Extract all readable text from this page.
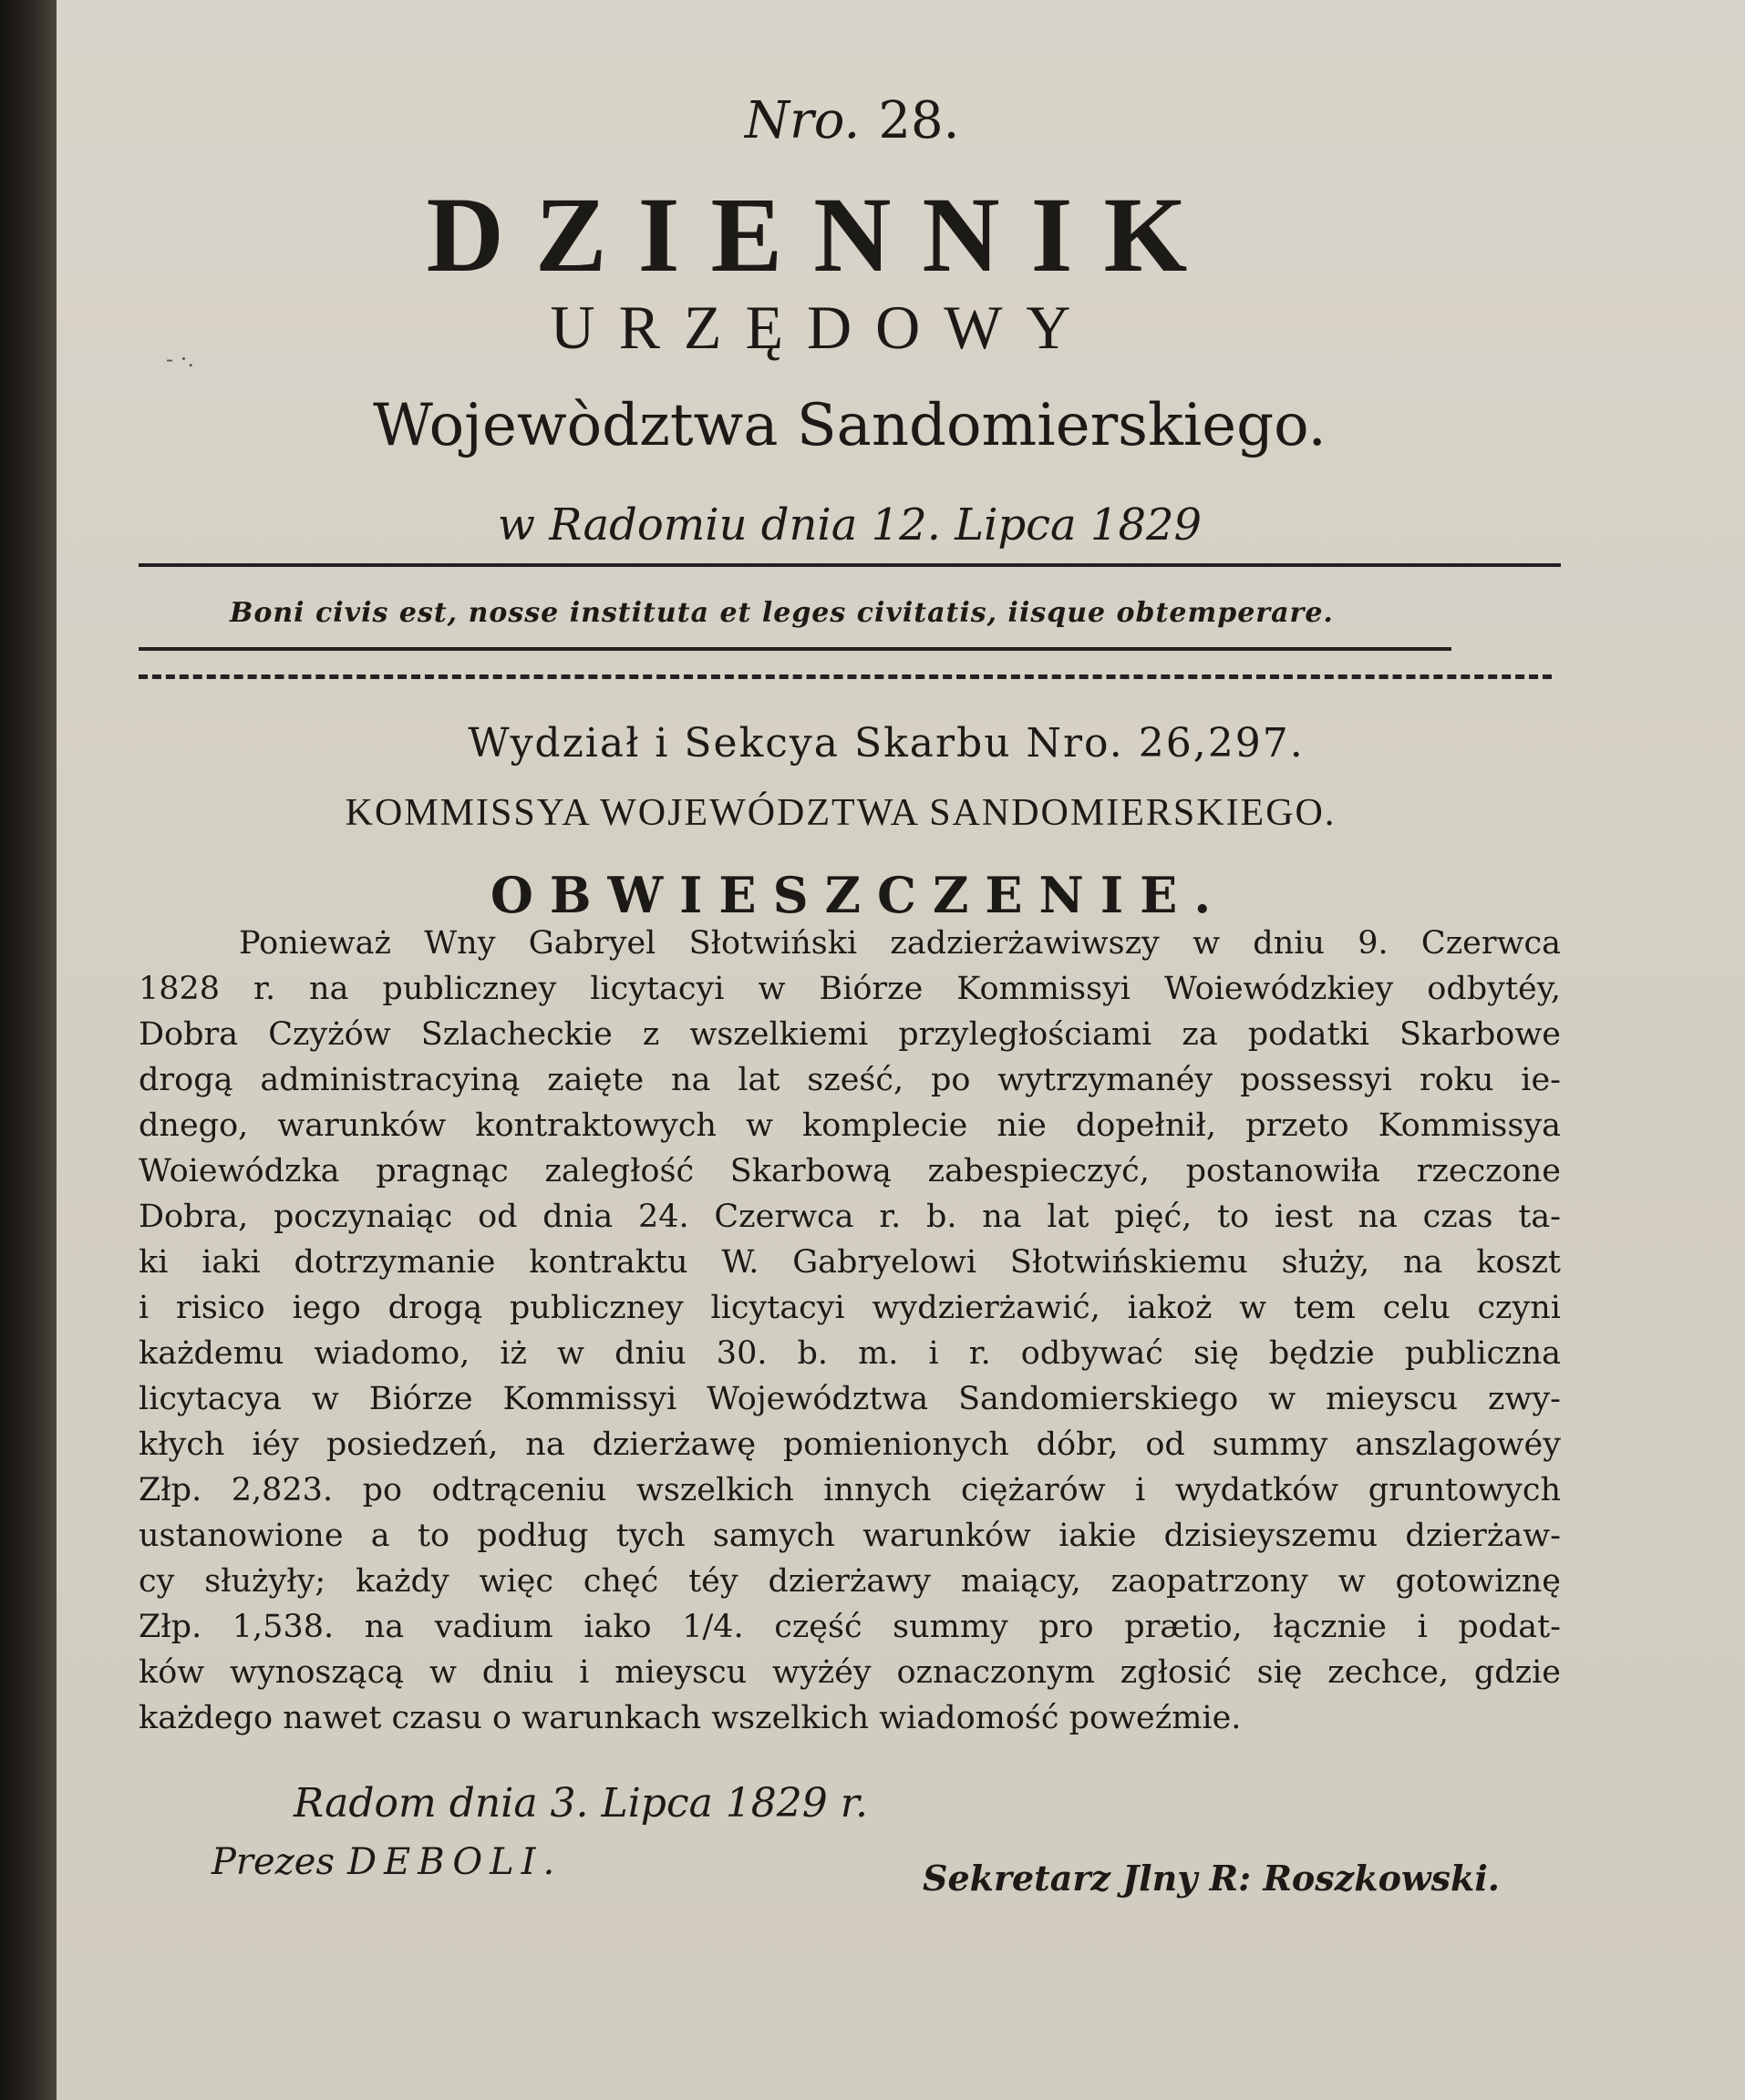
- ·.
Nro. 28.
DZIENNIK
URZĘDOWY
Wojewòdztwa Sandomierskiego.
w Radomiu dnia 12. Lipca 1829
Boni civis est, nosse instituta et leges civitatis, iisque obtemperare.
Wydział i Sekcya Skarbu Nro. 26,297.
KOMMISSYA WOJEWÓDZTWA SANDOMIERSKIEGO.
OBWIESZCZENIE.
Ponieważ Wny Gabryel Słotwiński zadzierżawiwszy w dniu 9. Czerwca
1828 r. na publiczney licytacyi w Biórze Kommissyi Woiewódzkiey odbytéy,
Dobra Czyżów Szlacheckie z wszelkiemi przyległościami za podatki Skarbowe
drogą administracyiną zaięte na lat sześć, po wytrzymanéy possessyi roku ie-
dnego, warunków kontraktowych w komplecie nie dopełnił, przeto Kommissya
Woiewódzka pragnąc zaległość Skarbową zabespieczyć, postanowiła rzeczone
Dobra, poczynaiąc od dnia 24. Czerwca r. b. na lat pięć, to iest na czas ta-
ki iaki dotrzymanie kontraktu W. Gabryelowi Słotwińskiemu służy, na koszt
i risico iego drogą publiczney licytacyi wydzierżawić, iakoż w tem celu czyni
każdemu wiadomo, iż w dniu 30. b. m. i r. odbywać się będzie publiczna
licytacya w Biórze Kommissyi Województwa Sandomierskiego w mieyscu zwy-
kłych iéy posiedzeń, na dzierżawę pomienionych dóbr, od summy anszlagowéy
Złp. 2,823. po odtrąceniu wszelkich innych ciężarów i wydatków gruntowych
ustanowione a to podług tych samych warunków iakie dzisieyszemu dzierżaw-
cy służyły; każdy więc chęć téy dzierżawy maiący, zaopatrzony w gotowiznę
Złp. 1,538. na vadium iako 1/4. część summy pro prætio, łącznie i podat-
ków wynoszącą w dniu i mieyscu wyżéy oznaczonym zgłosić się zechce, gdzie
każdego nawet czasu o warunkach wszelkich wiadomość poweźmie.
Radom dnia 3. Lipca 1829 r.
Prezes DEBOLI.	Sekretarz Jlny R: Roszkowski.
